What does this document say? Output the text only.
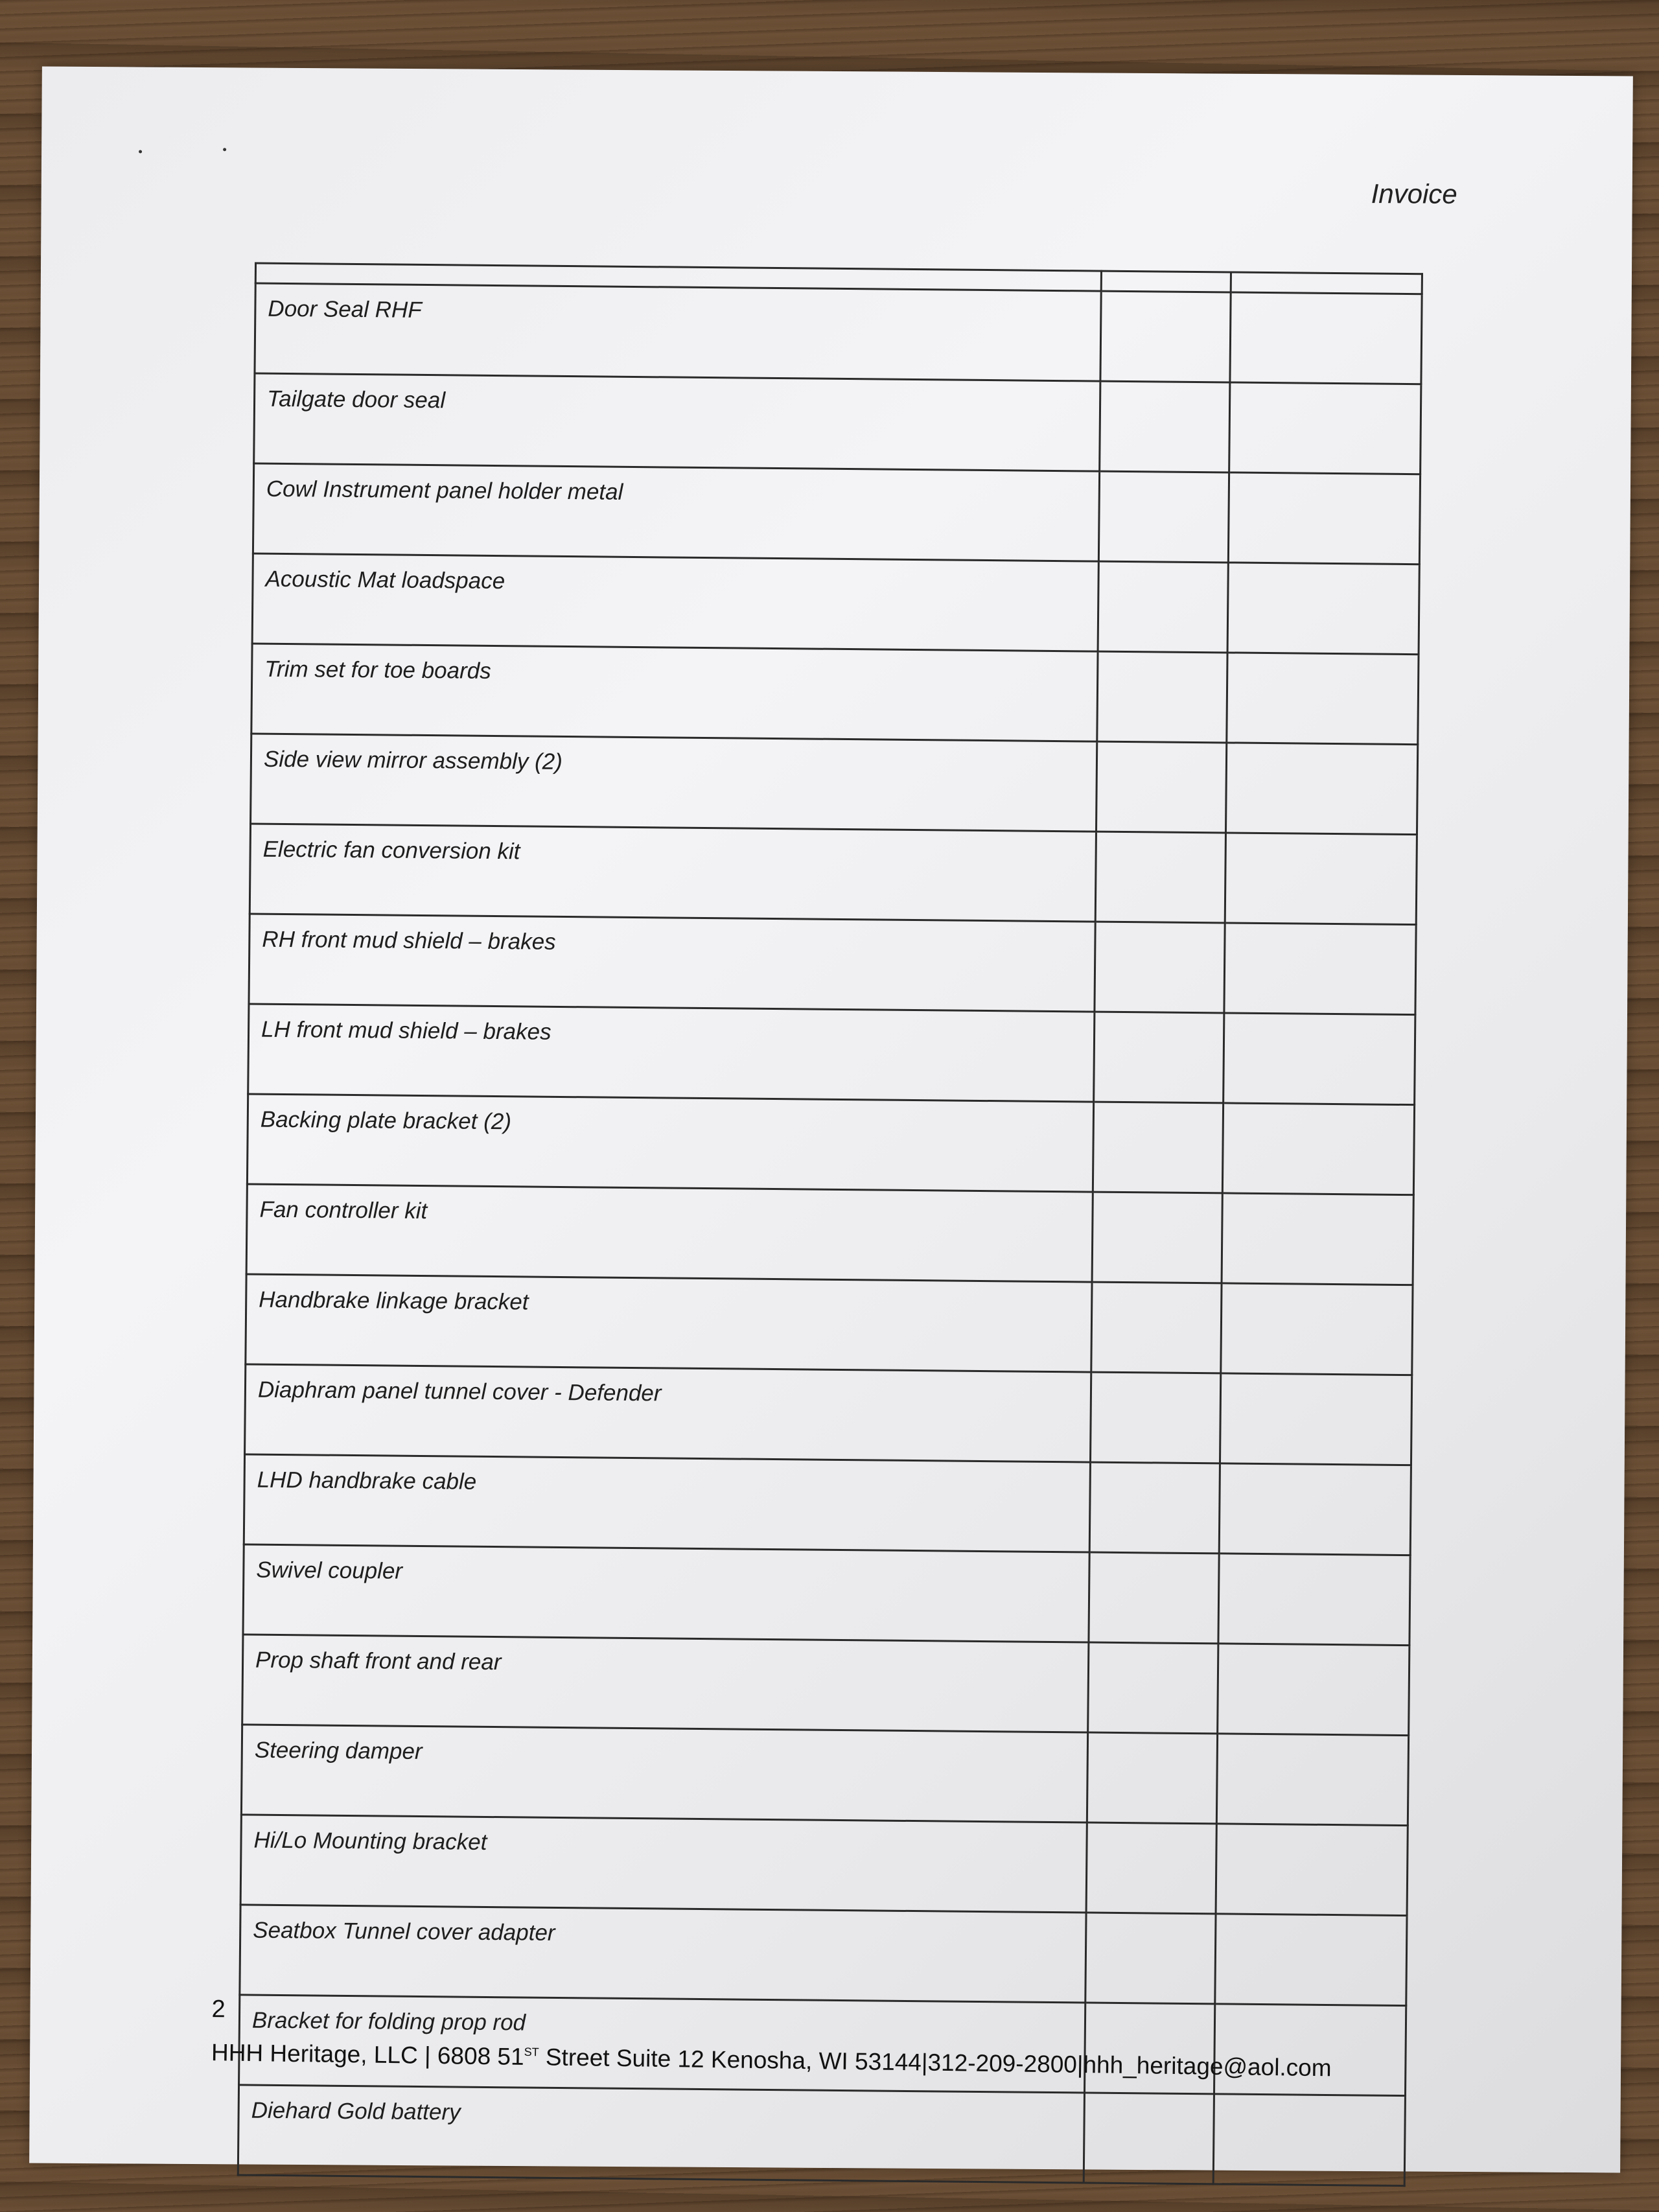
Invoice

Door Seal RHF		
Tailgate door seal		
Cowl Instrument panel holder metal		
Acoustic Mat loadspace		
Trim set for toe boards		
Side view mirror assembly (2)		
Electric fan conversion kit		
RH front mud shield – brakes		
LH front mud shield – brakes		
Backing plate bracket (2)		
Fan controller kit		
Handbrake linkage bracket		
Diaphram panel tunnel cover - Defender		
LHD handbrake cable		
Swivel coupler		
Prop shaft front and rear		
Steering damper		
Hi/Lo Mounting bracket		
Seatbox Tunnel cover adapter		
Bracket for folding prop rod		
Diehard Gold battery		
2
HHH Heritage, LLC | 6808 51ST Street Suite 12 Kenosha, WI 53144|312-209-2800|hhh_heritage@aol.com
